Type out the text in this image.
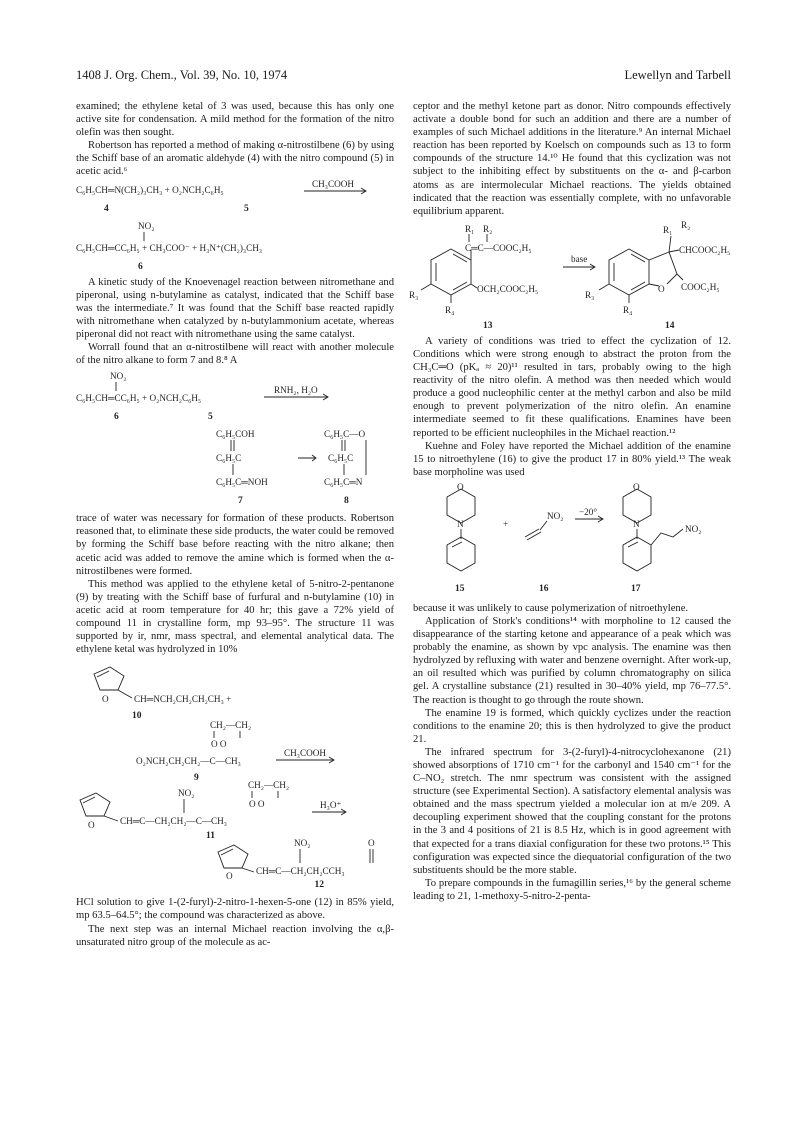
1408 J. Org. Chem., Vol. 39, No. 10, 1974	Lewellyn and Tarbell

examined; the ethylene ketal of 3 was used, because this has only one active site for condensation. A mild method for the formation of the nitro olefin was then sought.

Robertson has reported a method of making α-nitrostilbene (6) by using the Schiff base of an aromatic aldehyde (4) with the nitro compound (5) in acetic acid.⁶

C₆H₅CH═N(CH₂)₃CH₃ + O₂NCH₂C₆H₅
CH₃COOH
4	5
NO₂
C₆H₅CH═CC₆H₅ + CH₃COO⁻ + H₃N⁺(CH₂)₃CH₃
6

A kinetic study of the Knoevenagel reaction between nitromethane and piperonal, using n-butylamine as catalyst, indicated that the Schiff base was the intermediate.⁷ It was found that the Schiff base reacted rapidly with nitromethane when catalyzed by n-butylammonium acetate, whereas piperonal did not react with nitromethane using the same catalyst.

Worrall found that an α-nitrostilbene will react with another molecule of the nitro alkane to form 7 and 8.⁸ A

NO₂
C₆H₅CH═CC₆H₅ + O₂NCH₂C₆H₅
RNH₂, H₂O
6	5
C₆H₅COH
C₆H₅C
C₆H₅C═NOH
7
C₆H₅C—O
C₆H₅C
C₆H₅C═N
8

trace of water was necessary for formation of these products. Robertson reasoned that, to eliminate these side products, the water could be removed by forming the Schiff base before reacting with the nitro alkane; then acetic acid was added to remove the amine which is formed when the α-nitrostilbenes were formed.

This method was applied to the ethylene ketal of 5-nitro-2-pentanone (9) by treating with the Schiff base of furfural and n-butylamine (10) in acetic acid at room temperature for 40 hr; this gave a 72% yield of compound 11 in crystalline form, mp 93–95°. The structure 11 was supported by ir, nmr, mass spectral, and elemental analytical data. The ethylene ketal was hydrolyzed in 10%

O	CH═NCH₂CH₂CH₂CH₃ +
10
CH₂—CH₂
O O
O₂NCH₂CH₂CH₂—C—CH₃
CH₃COOH
9
O
NO₂
CH₂—CH₂
O O
CH═C—CH₂CH₂—C—CH₃
H₃O⁺
11
O
NO₂	O
CH═C—CH₂CH₂CCH₃
12

HCl solution to give 1-(2-furyl)-2-nitro-1-hexen-5-one (12) in 85% yield, mp 63.5–64.5°; the compound was characterized as above.

The next step was an internal Michael reaction involving the α,β-unsaturated nitro group of the molecule as ac-

ceptor and the methyl ketone part as donor. Nitro compounds effectively activate a double bond for such an addition and there are a number of examples of such Michael additions in the literature.⁹ An internal Michael reaction has been reported by Koelsch on compounds such as 13 to form compounds of the structure 14.¹⁰ He found that this cyclization was not subject to the inhibiting effect by substituents on the α- and β-carbon atoms as are intermolecular Michael reactions. The yields obtained indicated that the reaction was essentially complete, with no unfavorable equilibrium apparent.

R₁ R₂
C═C—COOC₂H₅
OCH₂COOC₂H₅
R₃
R₄
13
base
O
R₁ R₂
CHCOOC₂H₅
COOC₂H₅
R₃
R₄
14

A variety of conditions was tried to effect the cyclization of 12. Conditions which were strong enough to abstract the proton from the CH₃C═O (pKₐ ≈ 20)¹¹ resulted in tars, probably owing to the high reactivity of the nitro olefin. A method was then needed which would produce a good nucleophilic center at the methyl carbon and also be mild enough to prevent polymerization of the nitro olefin. An enamine intermediate seemed to fit these qualifications. Enamines have been reported to be efficient nucleophiles in the Michael reaction.¹²

Kuehne and Foley have reported the Michael addition of the enamine 15 to nitroethylene (16) to give the product 17 in 80% yield.¹³ The weak base morpholine was used

O
N
15
+
NO₂
16
−20°
O
N	NO₂
17

because it was unlikely to cause polymerization of nitroethylene.

Application of Stork's conditions¹⁴ with morpholine to 12 caused the disappearance of the starting ketone and appearance of a peak which was probably the enamine, as shown by vpc analysis. The enamine was then hydrolyzed by refluxing with water and benzene overnight. After work-up, an oil resulted which was purified by column chromatography on silica gel. A crystalline substance (21) resulted in 30–40% yield, mp 76–77.5°. The reaction is thought to go through the route shown.

The enamine 19 is formed, which quickly cyclizes under the reaction conditions to the enamine 20; this is then hydrolyzed to give the product 21.

The infrared spectrum for 3-(2-furyl)-4-nitrocyclohexanone (21) showed absorptions of 1710 cm⁻¹ for the carbonyl and 1540 cm⁻¹ for the C–NO₂ stretch. The nmr spectrum was consistent with the assigned structure (see Experimental Section). A satisfactory elemental analysis was obtained and the mass spectrum yielded a molecular ion at m/e 209. A decoupling experiment showed that the coupling constant for the protons in the 3 and 4 positions of 21 is 8.5 Hz, which is in good agreement with that expected for a trans diaxial configuration for these two protons.¹⁵ This configuration was expected since the diequatorial configuration of the two substituents should be the more stable.

To prepare compounds in the fumagillin series,¹⁶ by the general scheme leading to 21, 1-methoxy-5-nitro-2-penta-
